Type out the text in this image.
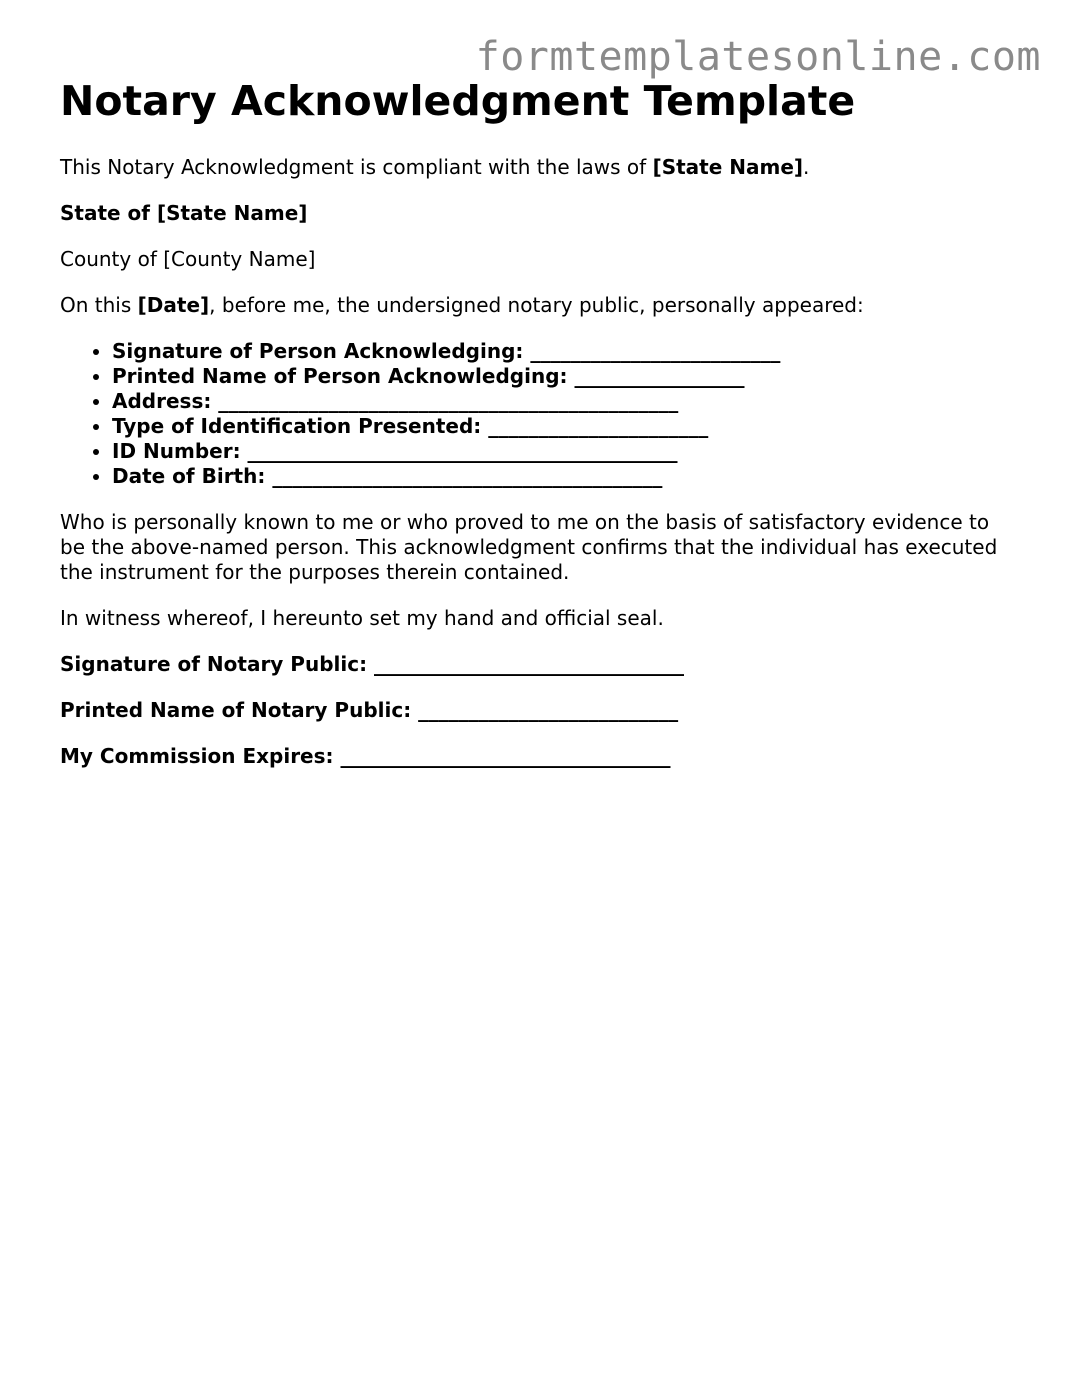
formtemplatesonline.com
Notary Acknowledgment Template

This Notary Acknowledgment is compliant with the laws of [State Name].

State of [State Name]

County of [County Name]

On this [Date], before me, the undersigned notary public, personally appeared:

• Signature of Person Acknowledging: _________________________
• Printed Name of Person Acknowledging: _________________
• Address: ______________________________________________
• Type of Identification Presented: ______________________
• ID Number: ___________________________________________
• Date of Birth: _______________________________________

Who is personally known to me or who proved to me on the basis of satisfactory evidence to be the above-named person. This acknowledgment confirms that the individual has executed the instrument for the purposes therein contained.

In witness whereof, I hereunto set my hand and official seal.

Signature of Notary Public: _______________________________

Printed Name of Notary Public: __________________________

My Commission Expires: _________________________________
